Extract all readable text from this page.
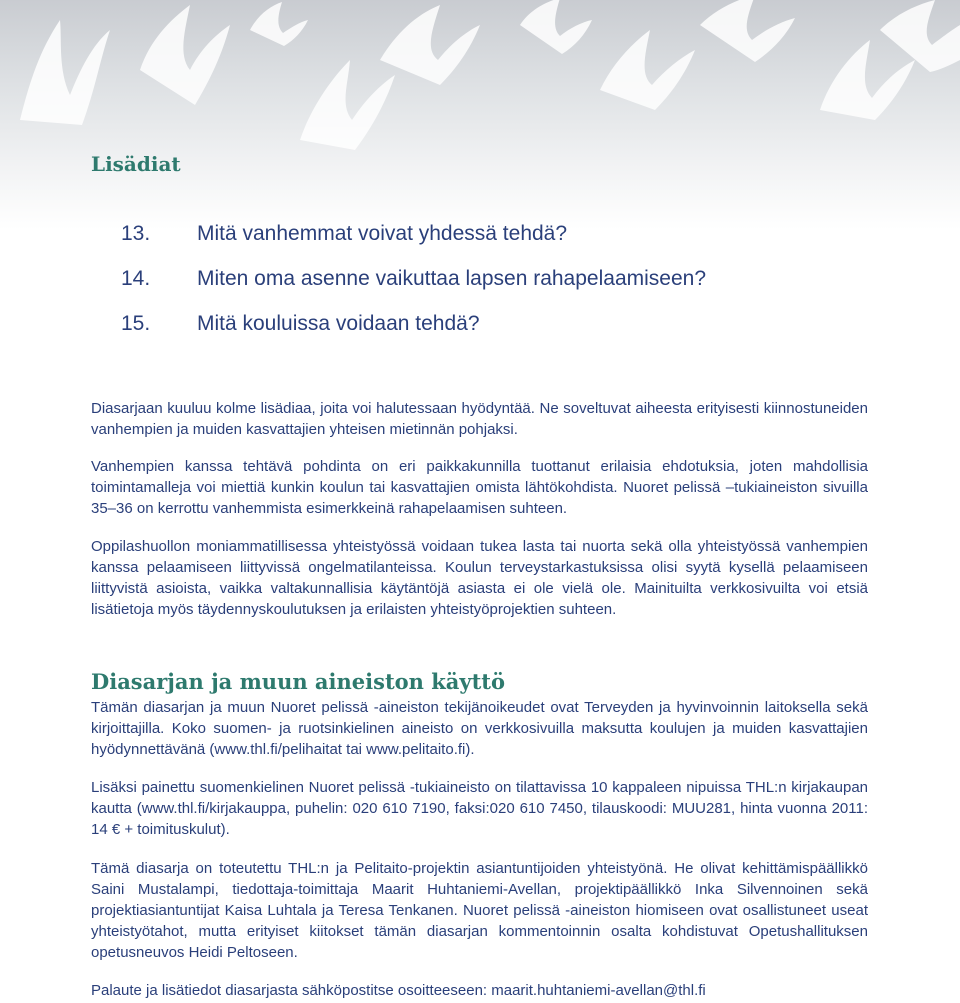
Lisädiat
13.	Mitä vanhemmat voivat yhdessä tehdä?
14.	Miten oma asenne vaikuttaa lapsen rahapelaamiseen?
15.	Mitä kouluissa voidaan tehdä?

Diasarjaan kuuluu kolme lisädiaa, joita voi halutessaan hyödyntää. Ne soveltuvat aiheesta erityisesti kiinnostuneiden vanhempien ja muiden kasvattajien yhteisen mietinnän pohjaksi.

Vanhempien kanssa tehtävä pohdinta on eri paikkakunnilla tuottanut erilaisia ehdotuksia, joten mahdollisia toimintamalleja voi miettiä kunkin koulun tai kasvattajien omista lähtökohdista. Nuoret pelissä –tukiaineiston sivuilla 35–36 on kerrottu vanhemmista esimerkkeinä rahapelaamisen suhteen.

Oppilashuollon moniammatillisessa yhteistyössä voidaan tukea lasta tai nuorta sekä olla yhteistyössä vanhempien kanssa pelaamiseen liittyvissä ongelmatilanteissa. Koulun terveystarkastuksissa olisi syytä kysellä pelaamiseen liittyvistä asioista, vaikka valtakunnallisia käytäntöjä asiasta ei ole vielä ole. Mainituilta verkkosivuilta voi etsiä lisätietoja myös täydennyskoulutuksen ja erilaisten yhteistyöprojektien suhteen.

Diasarjan ja muun aineiston käyttö

Tämän diasarjan ja muun Nuoret pelissä -aineiston tekijänoikeudet ovat Terveyden ja hyvinvoinnin laitoksella sekä kirjoittajilla. Koko suomen- ja ruotsinkielinen aineisto on verkkosivuilla maksutta koulujen ja muiden kasvattajien hyödynnettävänä (www.thl.fi/pelihaitat tai www.pelitaito.fi).

Lisäksi painettu suomenkielinen Nuoret pelissä -tukiaineisto on tilattavissa 10 kappaleen nipuissa THL:n kirjakaupan kautta (www.thl.fi/kirjakauppa, puhelin: 020 610 7190, faksi:020 610 7450, tilauskoodi: MUU281, hinta vuonna 2011: 14 € + toimituskulut).

Tämä diasarja on toteutettu THL:n ja Pelitaito-projektin asiantuntijoiden yhteistyönä. He olivat kehittämispäällikkö Saini Mustalampi, tiedottaja-toimittaja Maarit Huhtaniemi-Avellan, projektipäällikkö Inka Silvennoinen sekä projektiasiantuntijat Kaisa Luhtala ja Teresa Tenkanen. Nuoret pelissä -aineiston hiomiseen ovat osallistuneet useat yhteistyötahot, mutta erityiset kiitokset tämän diasarjan kommentoinnin osalta kohdistuvat Opetushallituksen opetusneuvos Heidi Peltoseen.

Palaute ja lisätiedot diasarjasta sähköpostitse osoitteeseen: maarit.huhtaniemi-avellan@thl.fi
